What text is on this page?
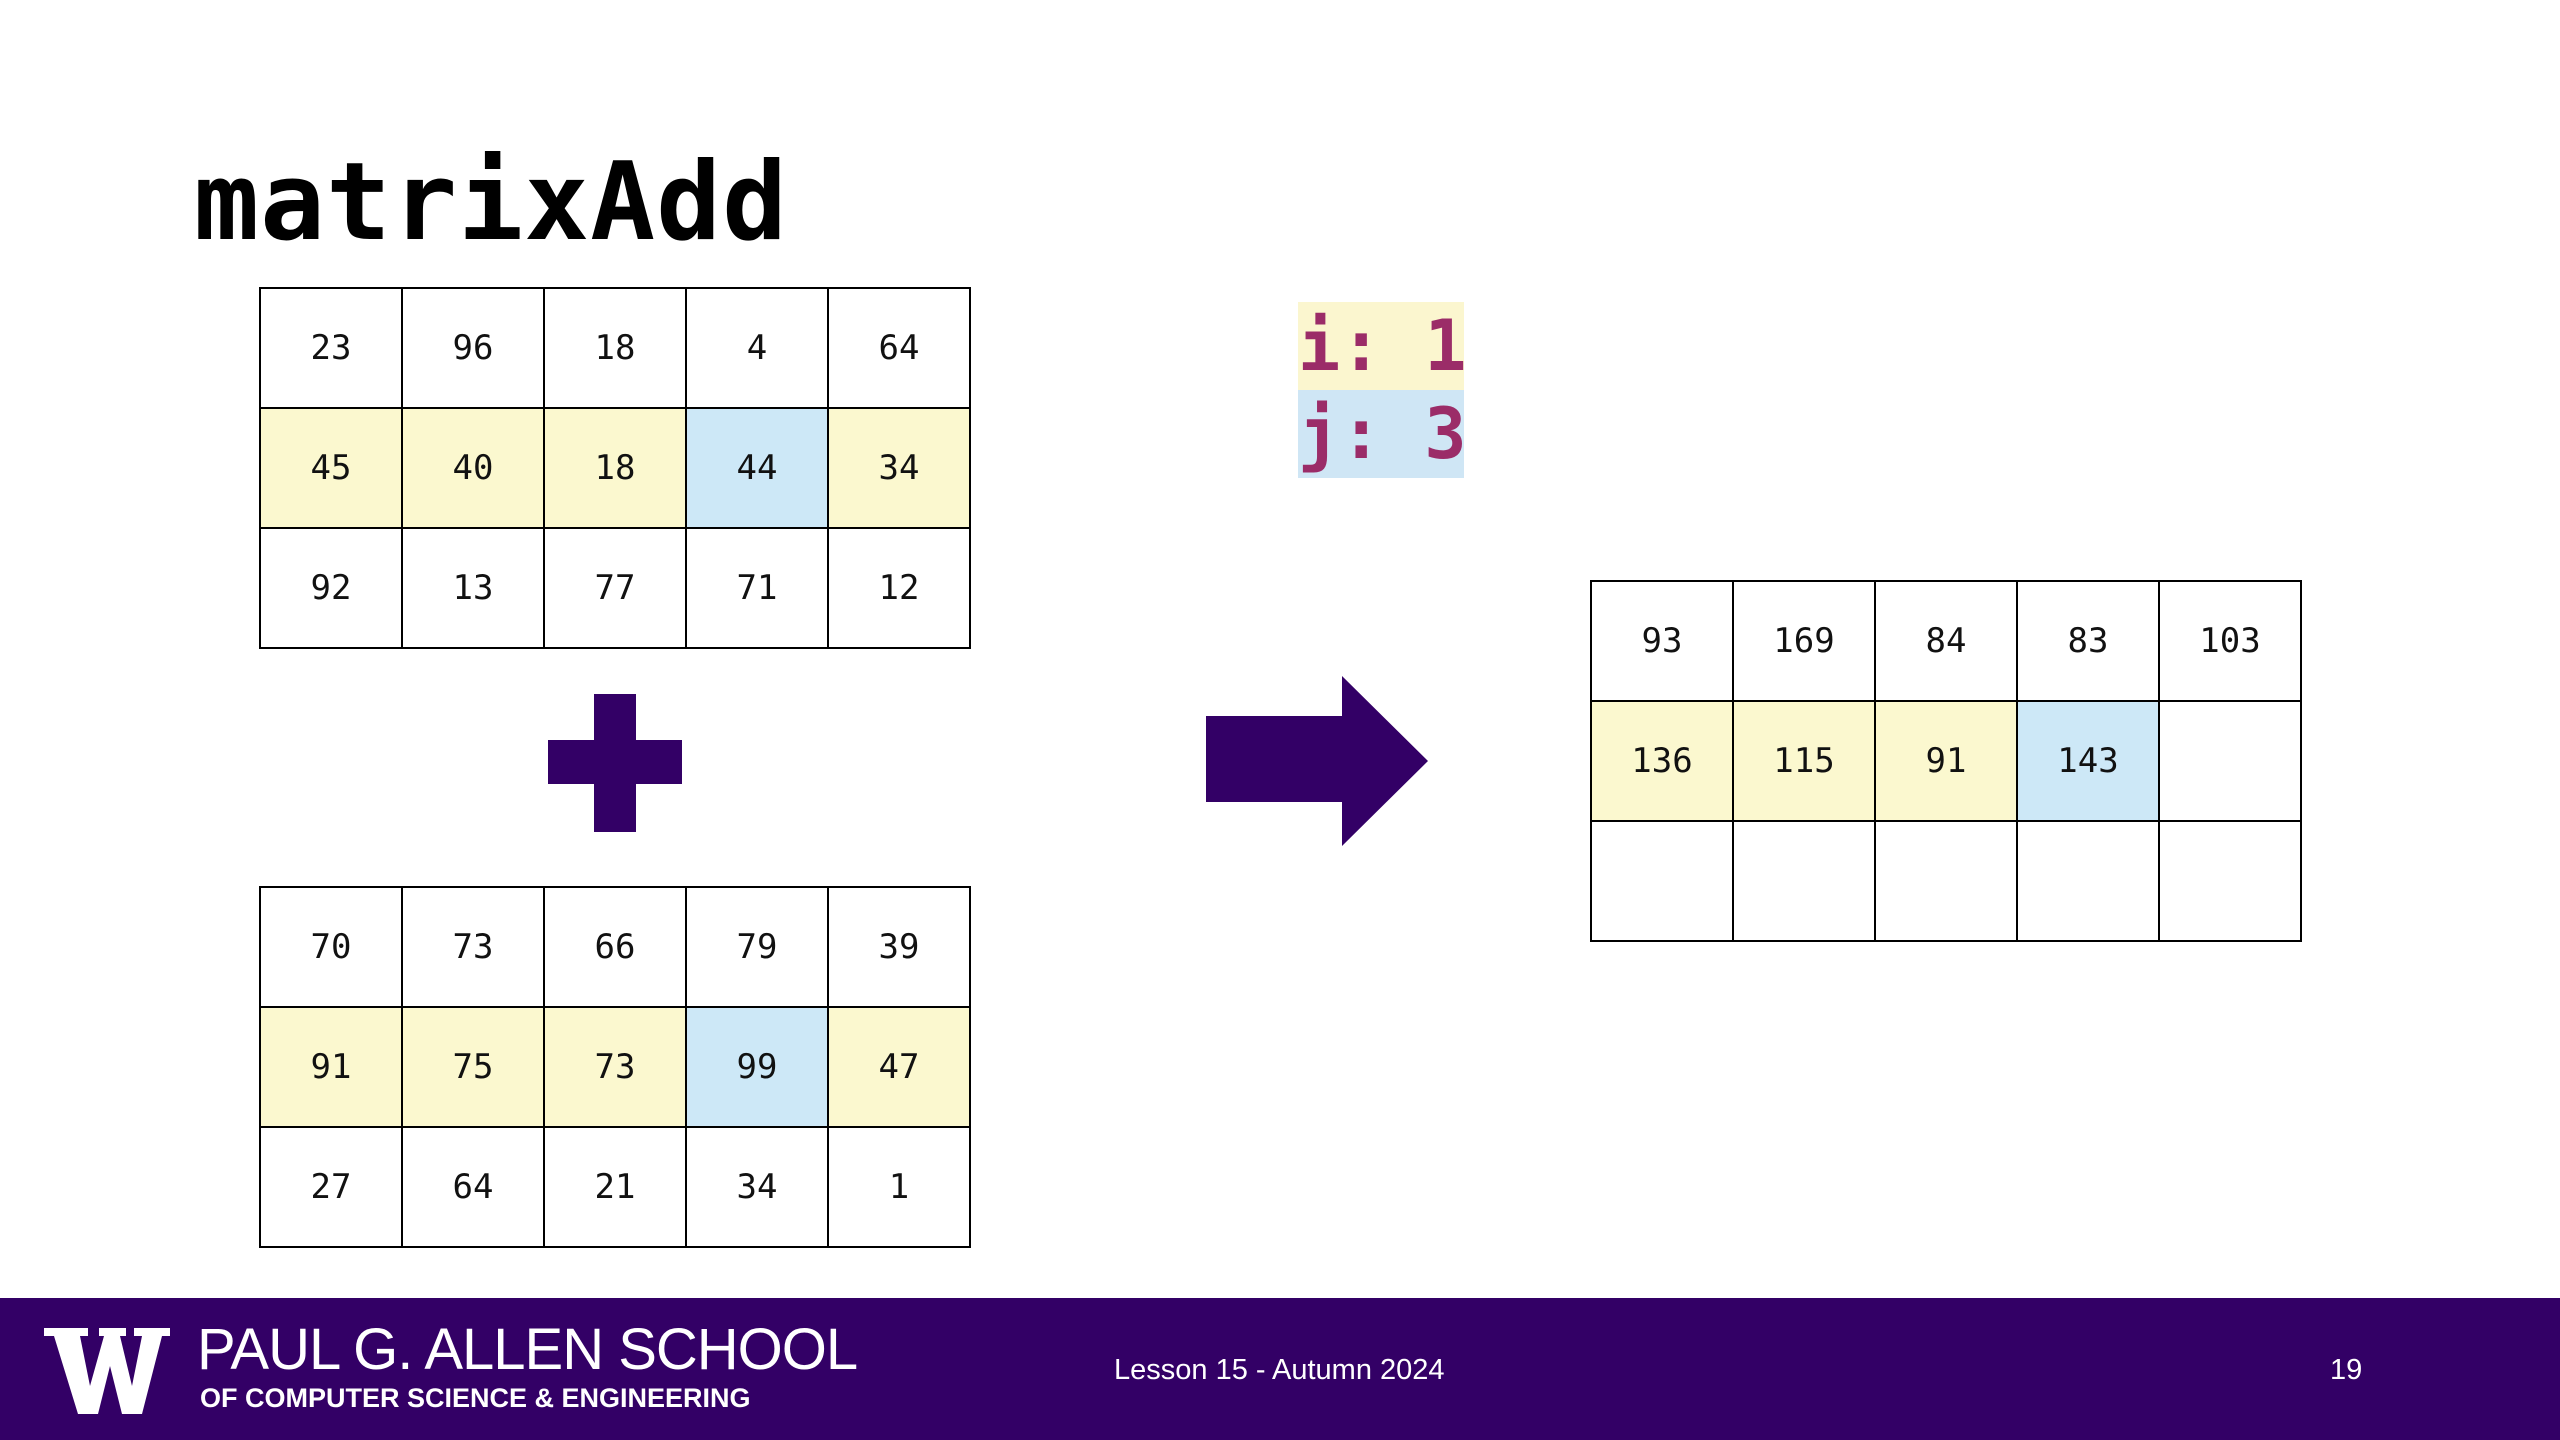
matrixAdd
23	96	18	4	64
45	40	18	44	34
92	13	77	71	12
70	73	66	79	39
91	75	73	99	47
27	64	21	34	1
i: 1
j: 3
93	169	84	83	103
136	115	91	143	

PAUL G. ALLEN SCHOOL
OF COMPUTER SCIENCE & ENGINEERING
Lesson 15 - Autumn 2024	19
